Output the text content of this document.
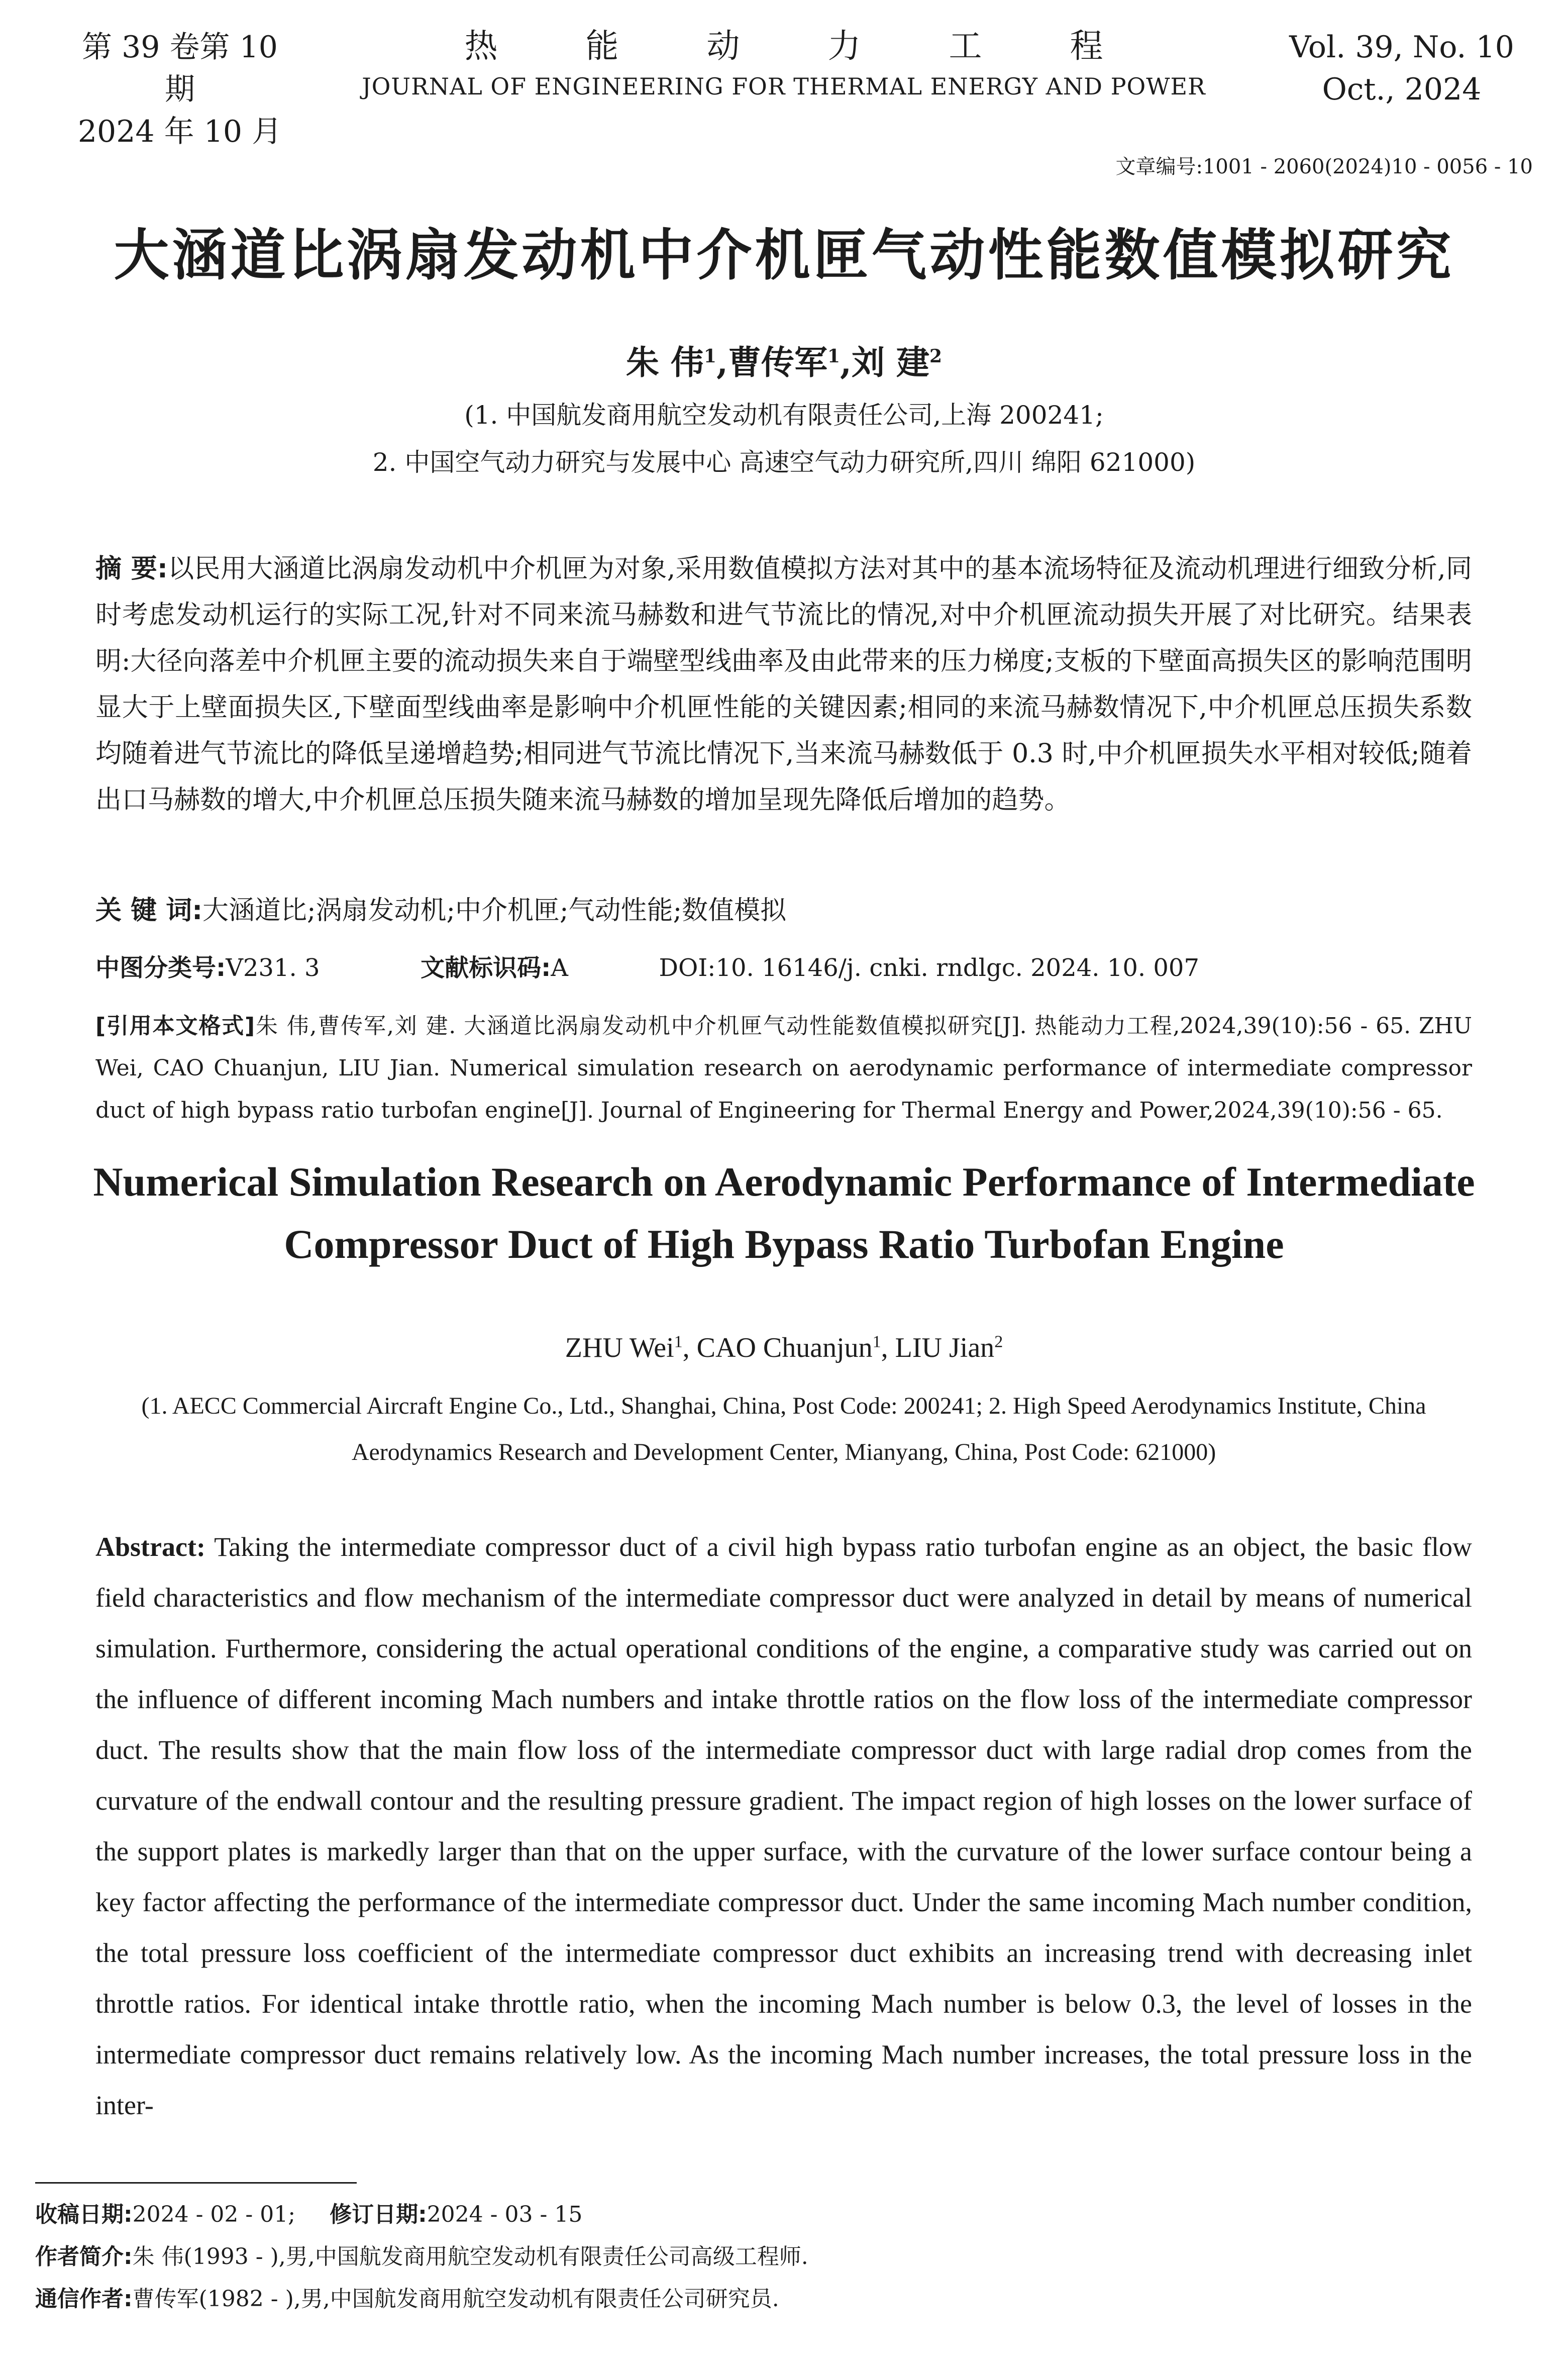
第 39 卷第 10 期
2024 年 10 月
热能动力工程
JOURNAL OF ENGINEERING FOR THERMAL ENERGY AND POWER
Vol. 39, No. 10
Oct., 2024
文章编号:1001 - 2060(2024)10 - 0056 - 10
大涵道比涡扇发动机中介机匣气动性能数值模拟研究
朱 伟$^1$,曹传军$^1$,刘 建$^2$
(1. 中国航发商用航空发动机有限责任公司,上海 200241;
2. 中国空气动力研究与发展中心 高速空气动力研究所,四川 绵阳 621000)
摘 要:以民用大涵道比涡扇发动机中介机匣为对象,采用数值模拟方法对其中的基本流场特征及流动机理进行细致分析,同时考虑发动机运行的实际工况,针对不同来流马赫数和进气节流比的情况,对中介机匣流动损失开展了对比研究。结果表明:大径向落差中介机匣主要的流动损失来自于端壁型线曲率及由此带来的压力梯度;支板的下壁面高损失区的影响范围明显大于上壁面损失区,下壁面型线曲率是影响中介机匣性能的关键因素;相同的来流马赫数情况下,中介机匣总压损失系数均随着进气节流比的降低呈递增趋势;相同进气节流比情况下,当来流马赫数低于 0.3 时,中介机匣损失水平相对较低;随着出口马赫数的增大,中介机匣总压损失随来流马赫数的增加呈现先降低后增加的趋势。
关 键 词:大涵道比;涡扇发动机;中介机匣;气动性能;数值模拟
中图分类号:V231. 3	文献标识码:A	DOI:10. 16146/j. cnki. rndlgc. 2024. 10. 007
[引用本文格式]朱 伟,曹传军,刘 建. 大涵道比涡扇发动机中介机匣气动性能数值模拟研究[J]. 热能动力工程,2024,39(10):56 - 65. ZHU Wei, CAO Chuanjun, LIU Jian. Numerical simulation research on aerodynamic performance of intermediate compressor duct of high bypass ratio turbofan engine[J]. Journal of Engineering for Thermal Energy and Power,2024,39(10):56 - 65.
Numerical Simulation Research on Aerodynamic Performance of Intermediate
Compressor Duct of High Bypass Ratio Turbofan Engine
ZHU Wei$^1$, CAO Chuanjun$^1$, LIU Jian$^2$
(1. AECC Commercial Aircraft Engine Co., Ltd., Shanghai, China, Post Code: 200241; 2. High Speed Aerodynamics Institute, China Aerodynamics Research and Development Center, Mianyang, China, Post Code: 621000)
Abstract: Taking the intermediate compressor duct of a civil high bypass ratio turbofan engine as an object, the basic flow field characteristics and flow mechanism of the intermediate compressor duct were analyzed in detail by means of numerical simulation. Furthermore, considering the actual operational conditions of the engine, a comparative study was carried out on the influence of different incoming Mach numbers and intake throttle ratios on the flow loss of the intermediate compressor duct. The results show that the main flow loss of the intermediate compressor duct with large radial drop comes from the curvature of the endwall contour and the resulting pressure gradient. The impact region of high losses on the lower surface of the support plates is markedly larger than that on the upper surface, with the curvature of the lower surface contour being a key factor affecting the performance of the intermediate compressor duct. Under the same incoming Mach number condition, the total pressure loss coefficient of the intermediate compressor duct exhibits an increasing trend with decreasing inlet throttle ratios. For identical intake throttle ratio, when the incoming Mach number is below 0.3, the level of losses in the intermediate compressor duct remains relatively low. As the incoming Mach number increases, the total pressure loss in the inter-
收稿日期:2024 - 02 - 01; 修订日期:2024 - 03 - 15
作者简介:朱 伟(1993 - ),男,中国航发商用航空发动机有限责任公司高级工程师.
通信作者:曹传军(1982 - ),男,中国航发商用航空发动机有限责任公司研究员.
